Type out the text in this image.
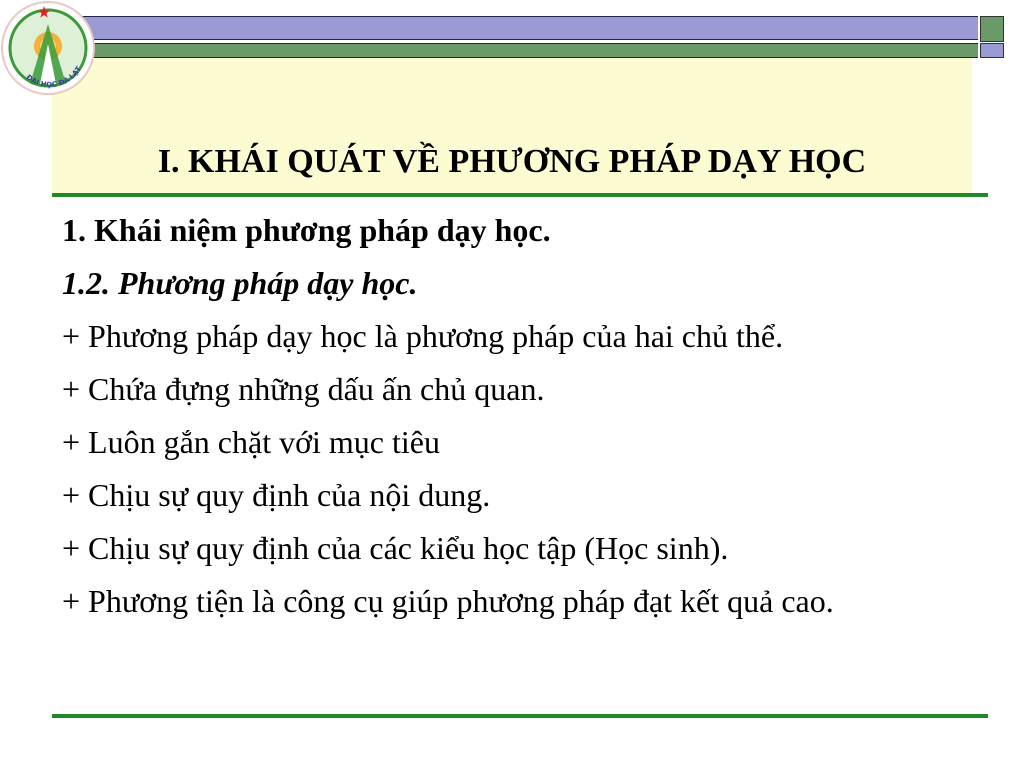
I. KHÁI QUÁT VỀ PHƯƠNG PHÁP DẠY HỌC
ĐẠI HỌC ĐÀ LẠT

1. Khái niệm phương pháp dạy học.

1.2. Phương pháp dạy học.

+ Phương pháp dạy học là phương pháp của hai chủ thể.

+ Chứa đựng những dấu ấn chủ quan.

+ Luôn gắn chặt với mục tiêu

+ Chịu sự quy định của nội dung.

+ Chịu sự quy định của các kiểu học tập (Học sinh).

+ Phương tiện là công cụ giúp phương pháp đạt kết quả cao.
